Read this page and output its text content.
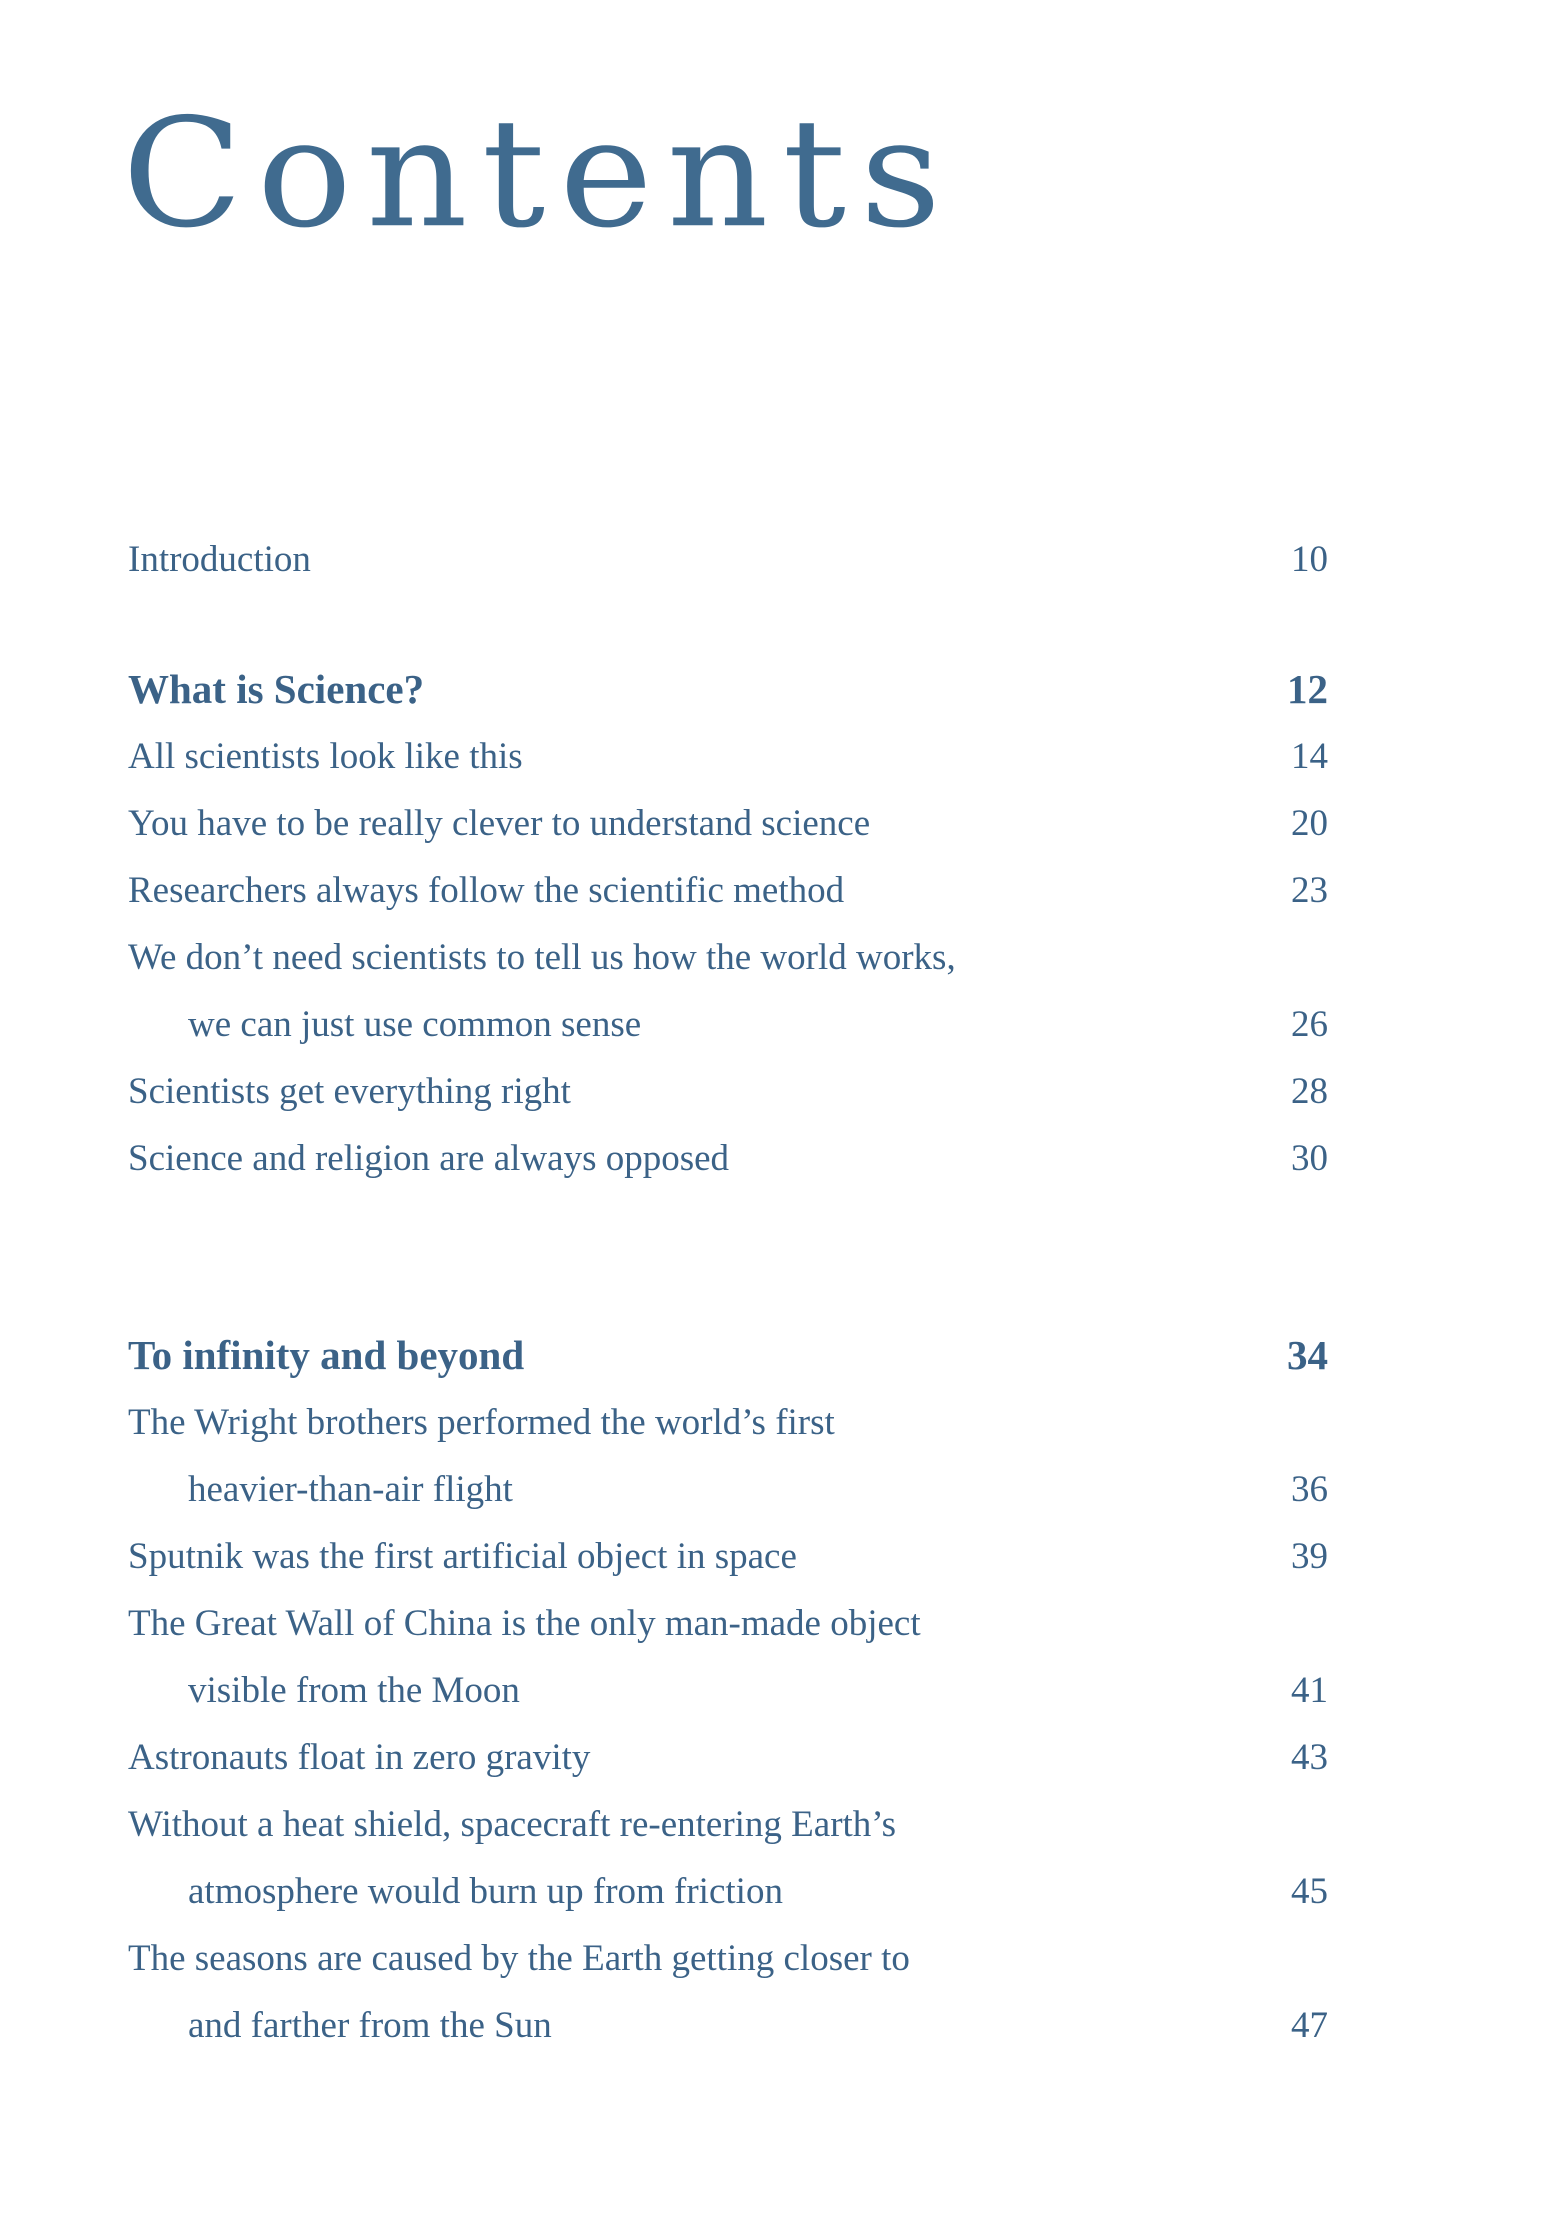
Contents
Introduction	10
What is Science?	12
All scientists look like this	14
You have to be really clever to understand science	20
Researchers always follow the scientific method	23
We don’t need scientists to tell us how the world works,
we can just use common sense	26
Scientists get everything right	28
Science and religion are always opposed	30
To infinity and beyond	34
The Wright brothers performed the world’s first
heavier-than-air flight	36
Sputnik was the first artificial object in space	39
The Great Wall of China is the only man-made object
visible from the Moon	41
Astronauts float in zero gravity	43
Without a heat shield, spacecraft re-entering Earth’s
atmosphere would burn up from friction	45
The seasons are caused by the Earth getting closer to
and farther from the Sun	47
